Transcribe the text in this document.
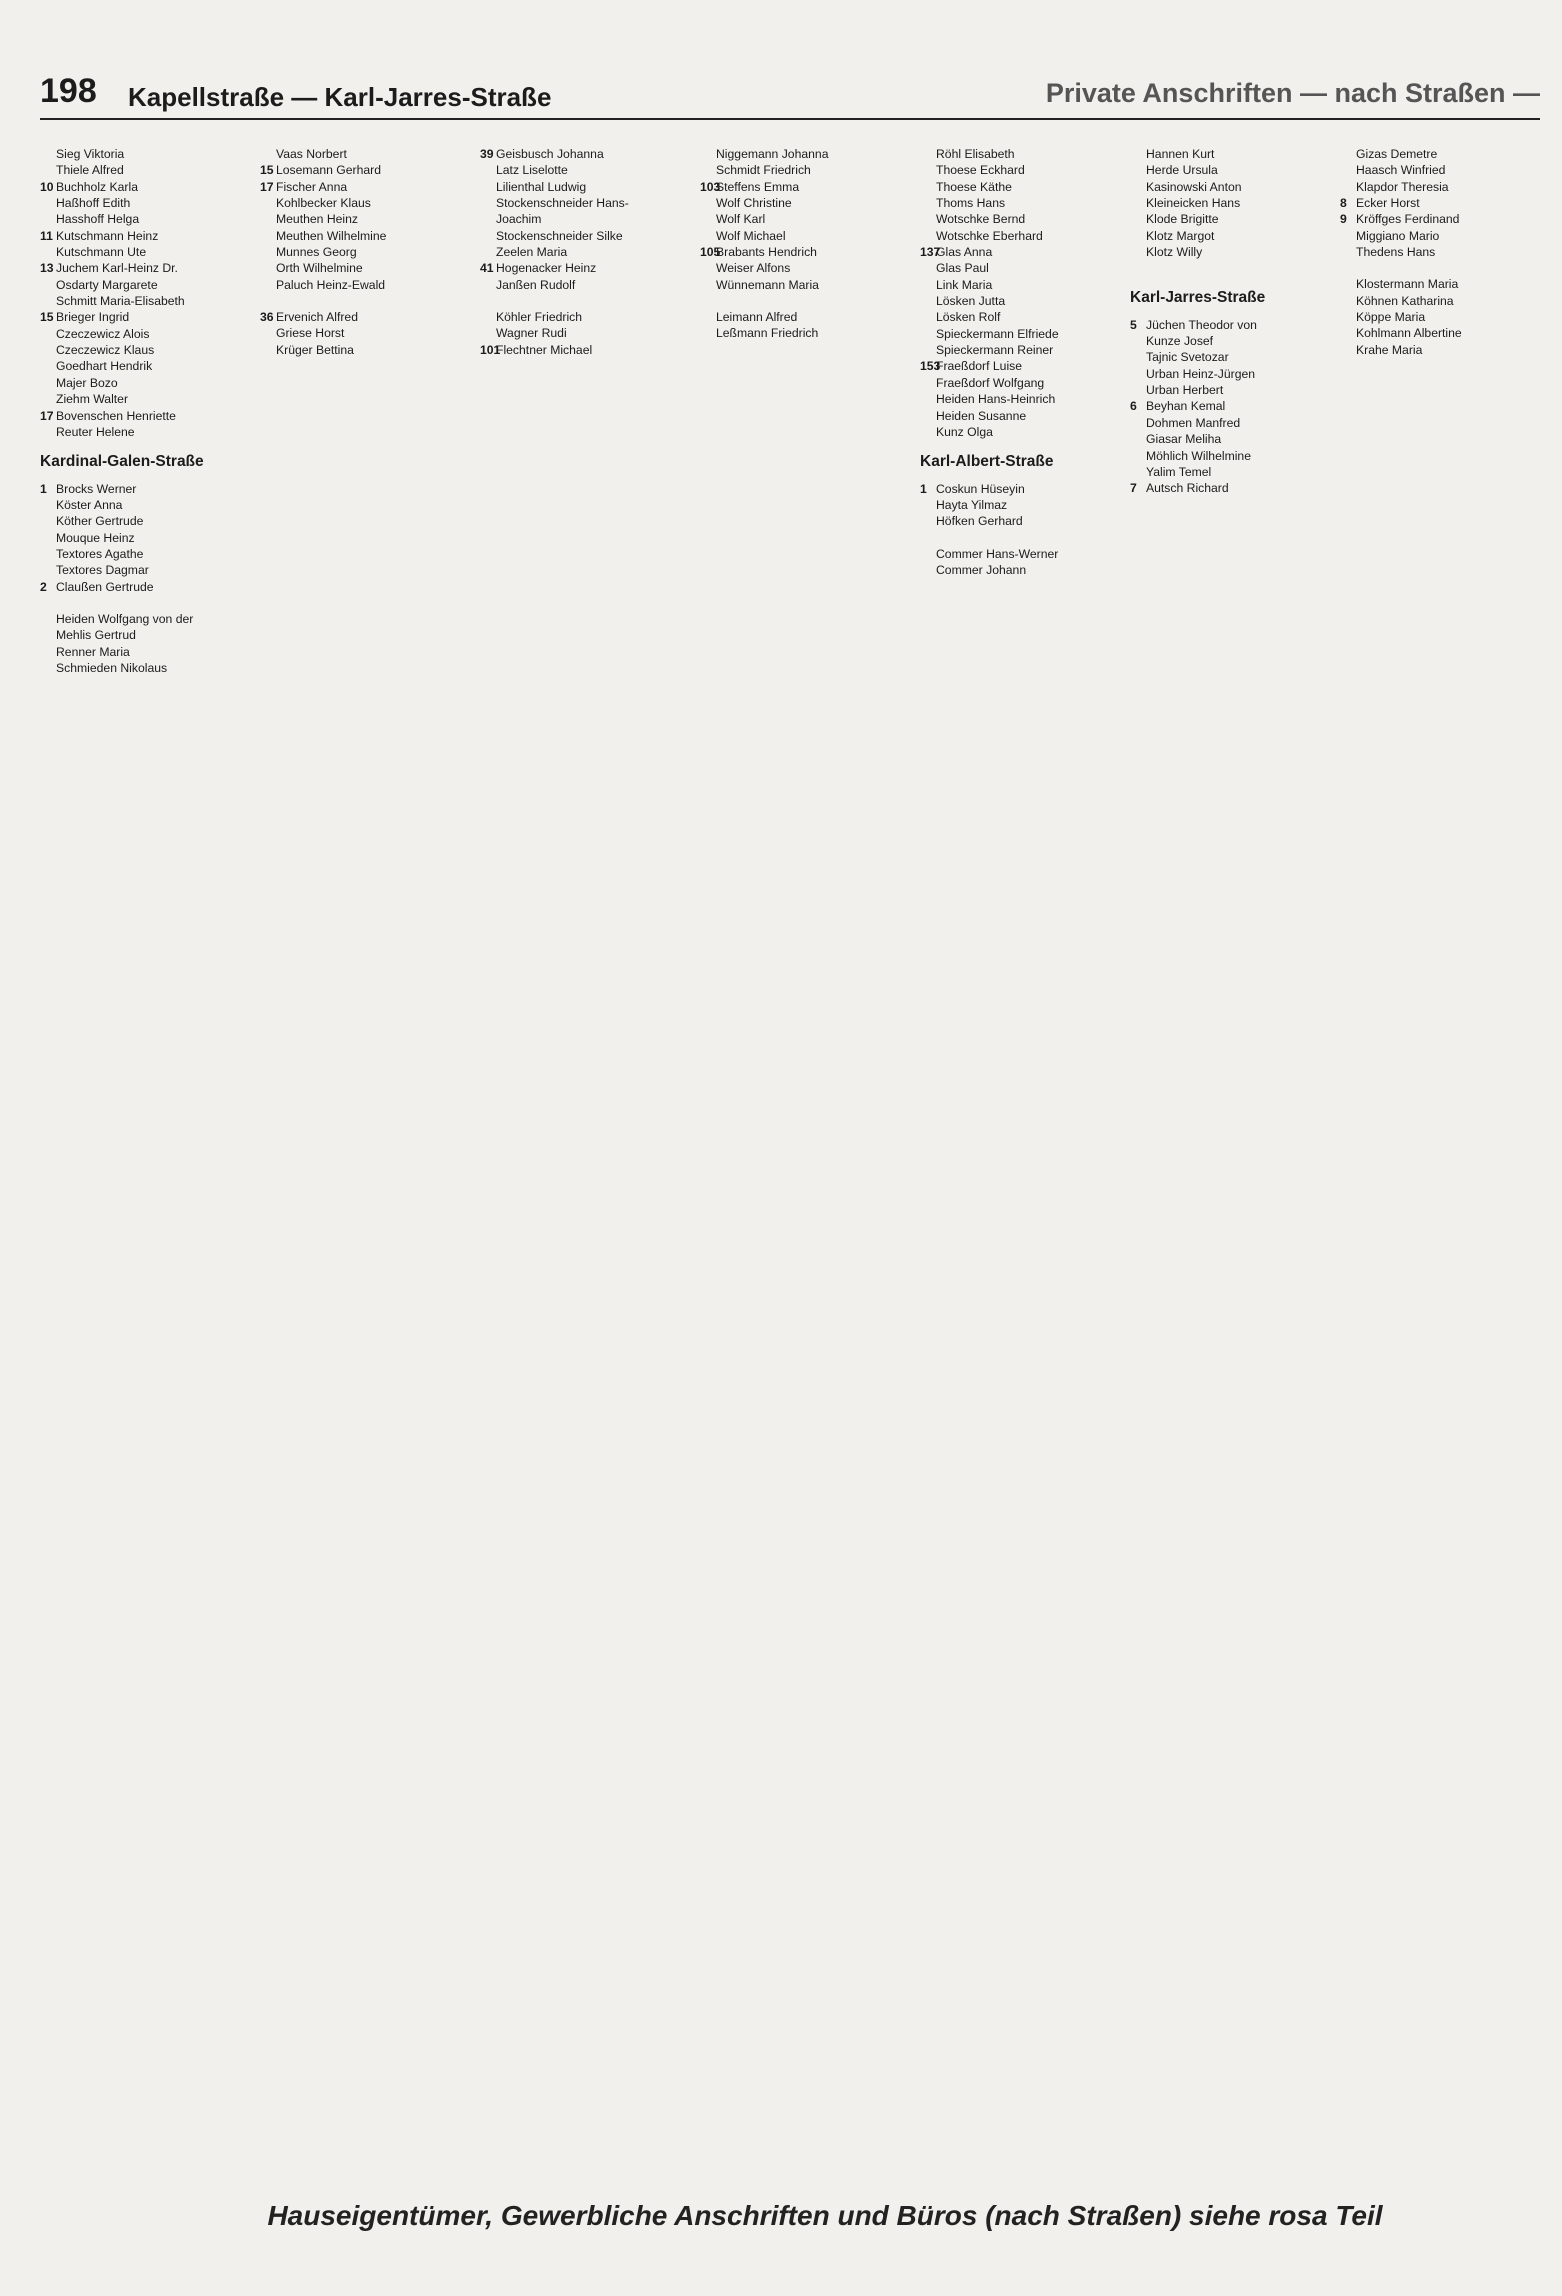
198 Kapellstraße — Karl-Jarres-Straße	Private Anschriften — nach Straßen —
Sieg Viktoria
Thiele Alfred
10 Buchholz Karla
Haßhoff Edith
Hasshoff Helga
11 Kutschmann Heinz
Kutschmann Ute
13 Juchem Karl-Heinz Dr.
Osdarty Margarete
Schmitt Maria-Elisabeth
15 Brieger Ingrid
Czeczewicz Alois
Czeczewicz Klaus
Goedhart Hendrik
Majer Bozo
Ziehm Walter
17 Bovenschen Henriette
Reuter Helene
Kardinal-Galen-Straße
1 Brocks Werner
Köster Anna
Köther Gertrude
Mouque Heinz
Textores Agathe
Textores Dagmar
2 Claußen Gertrude
Heiden Wolfgang von der
Mehlis Gertrud
Renner Maria
Schmieden Nikolaus
Vaas Norbert
15 Losemann Gerhard
17 Fischer Anna
Kohlbecker Klaus
Meuthen Heinz
Meuthen Wilhelmine
Munnes Georg
Orth Wilhelmine
Paluch Heinz-Ewald
36 Ervenich Alfred
Griese Horst
Krüger Bettina
39 Geisbusch Johanna
Latz Liselotte
Lilienthal Ludwig
Stockenschneider Hans-
Joachim
Stockenschneider Silke
Zeelen Maria
41 Hogenacker Heinz
Janßen Rudolf
Köhler Friedrich
Wagner Rudi
101Flechtner Michael
Niggemann Johanna
Schmidt Friedrich
103Steffens Emma
Wolf Christine
Wolf Karl
Wolf Michael
105Brabants Hendrich
Weiser Alfons
Wünnemann Maria
Leimann Alfred
Leßmann Friedrich
Röhl Elisabeth
Thoese Eckhard
Thoese Käthe
Thoms Hans
Wotschke Bernd
Wotschke Eberhard
137Glas Anna
Glas Paul
Link Maria
Lösken Jutta
Lösken Rolf
Spieckermann Elfriede
Spieckermann Reiner
153Fraeßdorf Luise
Fraeßdorf Wolfgang
Heiden Hans-Heinrich
Heiden Susanne
Kunz Olga
Karl-Albert-Straße
1 Coskun Hüseyin
Hayta Yilmaz
Höfken Gerhard
Commer Hans-Werner
Commer Johann
Hannen Kurt
Herde Ursula
Kasinowski Anton
Kleineicken Hans
Klode Brigitte
Klotz Margot
Klotz Willy
Karl-Jarres-Straße
5 Jüchen Theodor von
Kunze Josef
Tajnic Svetozar
Urban Heinz-Jürgen
Urban Herbert
6 Beyhan Kemal
Dohmen Manfred
Giasar Meliha
Möhlich Wilhelmine
Yalim Temel
7 Autsch Richard
Gizas Demetre
Haasch Winfried
Klapdor Theresia
8 Ecker Horst
9 Kröffges Ferdinand
Miggiano Mario
Thedens Hans
Klostermann Maria
Köhnen Katharina
Köppe Maria
Kohlmann Albertine
Krahe Maria
Hauseigentümer, Gewerbliche Anschriften und Büros (nach Straßen) siehe rosa Teil
